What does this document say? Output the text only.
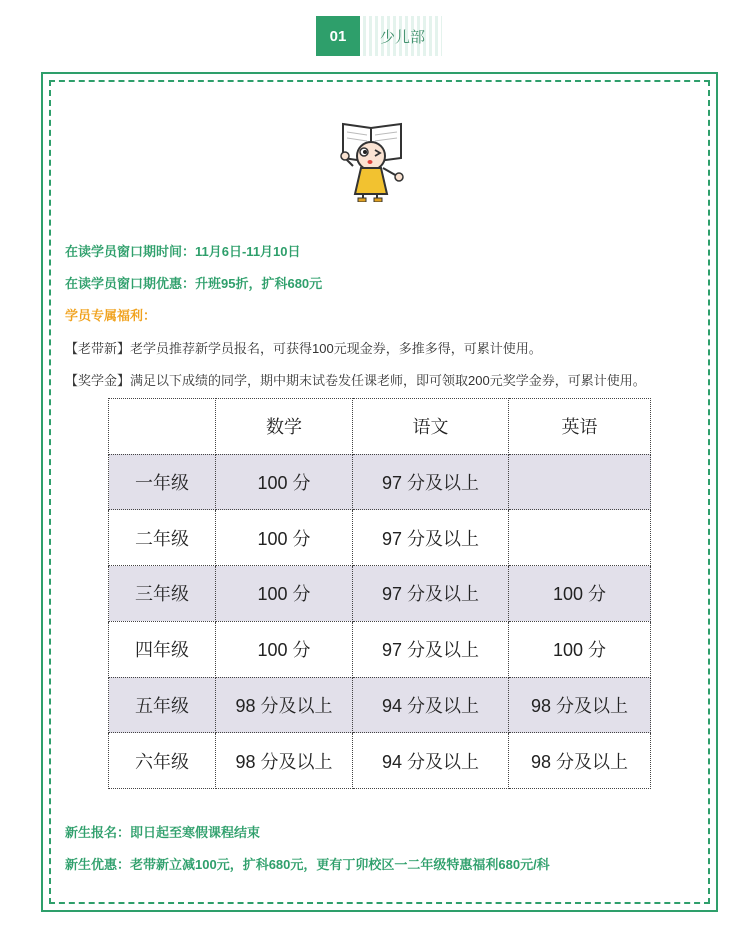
01	少儿部
在读学员窗口期时间：11月6日-11月10日
在读学员窗口期优惠：升班95折，扩科680元
学员专属福利：
【老带新】老学员推荐新学员报名，可获得100元现金券，多推多得，可累计使用。
【奖学金】满足以下成绩的同学，期中期末试卷发任课老师，即可领取200元奖学金券，可累计使用。
	数学	语文	英语
一年级	100 分	97 分及以上	
二年级	100 分	97 分及以上	
三年级	100 分	97 分及以上	100 分
四年级	100 分	97 分及以上	100 分
五年级	98 分及以上	94 分及以上	98 分及以上
六年级	98 分及以上	94 分及以上	98 分及以上
新生报名：即日起至寒假课程结束
新生优惠：老带新立减100元，扩科680元，更有丁卯校区一二年级特惠福利680元/科
